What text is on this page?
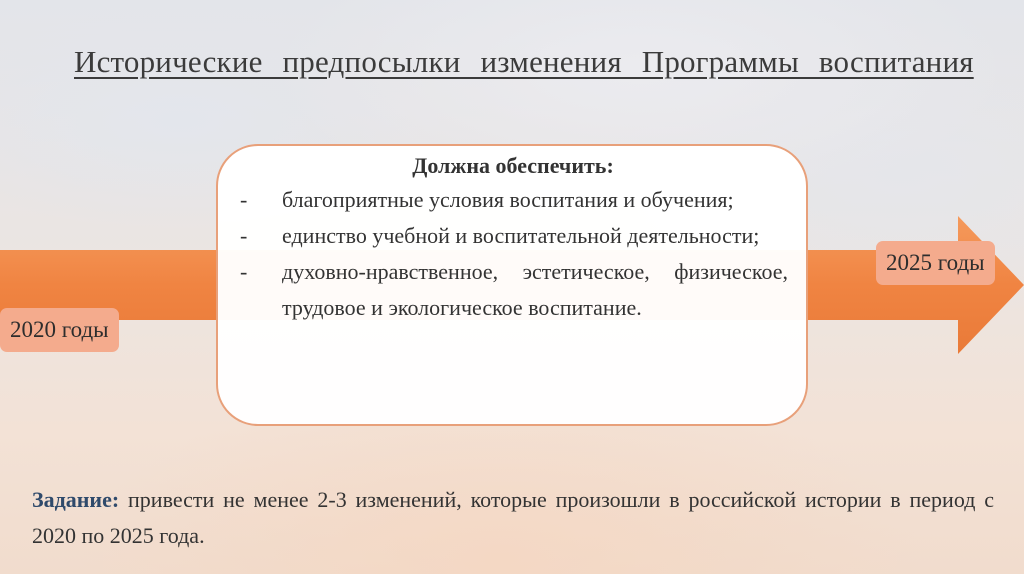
Исторические предпосылки изменения Программы воспитания
2020 годы
2025 годы
Должна обеспечить:
- благоприятные условия воспитания и обучения;
- единство учебной и воспитательной деятельности;
- духовно-нравственное, эстетическое, физическое, трудовое и экологическое воспитание.
Задание: привести не менее 2-3 изменений, которые произошли в российской истории в период с 2020 по 2025 года.
